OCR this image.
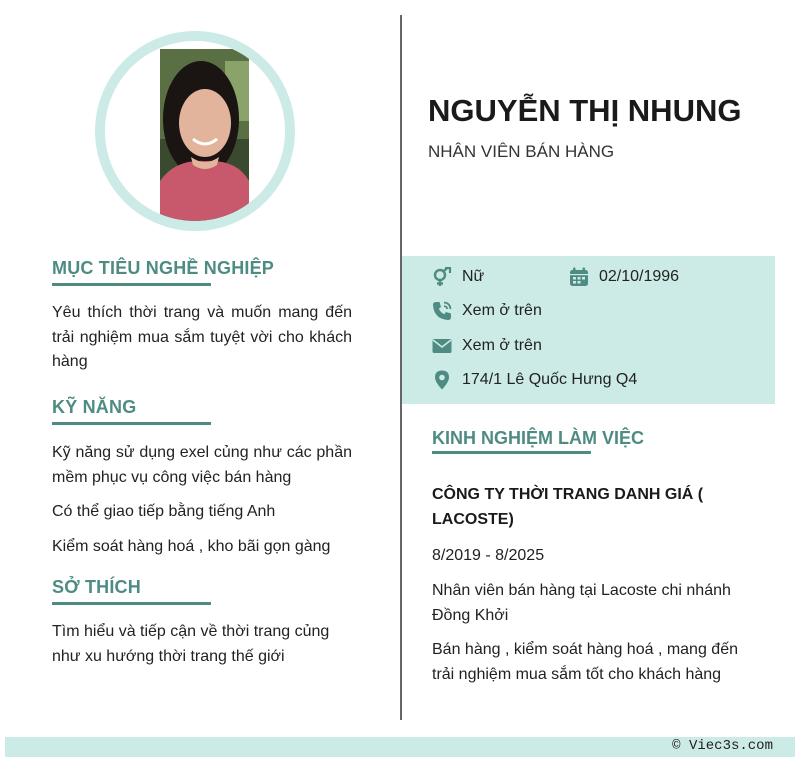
MỤC TIÊU NGHỀ NGHIỆP
Yêu thích thời trang và muốn mang đến trải nghiệm mua sắm tuyệt vời cho khách hàng
KỸ NĂNG
Kỹ năng sử dụng exel củng như các phần mềm phục vụ công việc bán hàng
Có thể giao tiếp bằng tiếng Anh
Kiểm soát hàng hoá , kho bãi gọn gàng
SỞ THÍCH
Tìm hiểu và tiếp cận về thời trang củng như xu hướng thời trang thế giới
NGUYỄN THỊ NHUNG
NHÂN VIÊN BÁN HÀNG
Nữ	02/10/1996
Xem ở trên
Xem ở trên
174/1 Lê Quốc Hưng Q4
KINH NGHIỆM LÀM VIỆC
CÔNG TY THỜI TRANG DANH GIÁ ( LACOSTE)
8/2019 - 8/2025
Nhân viên bán hàng tại Lacoste chi nhánh Đồng Khởi
Bán hàng , kiểm soát hàng hoá , mang đến trải nghiệm mua sắm tốt cho khách hàng
© Viec3s.com
